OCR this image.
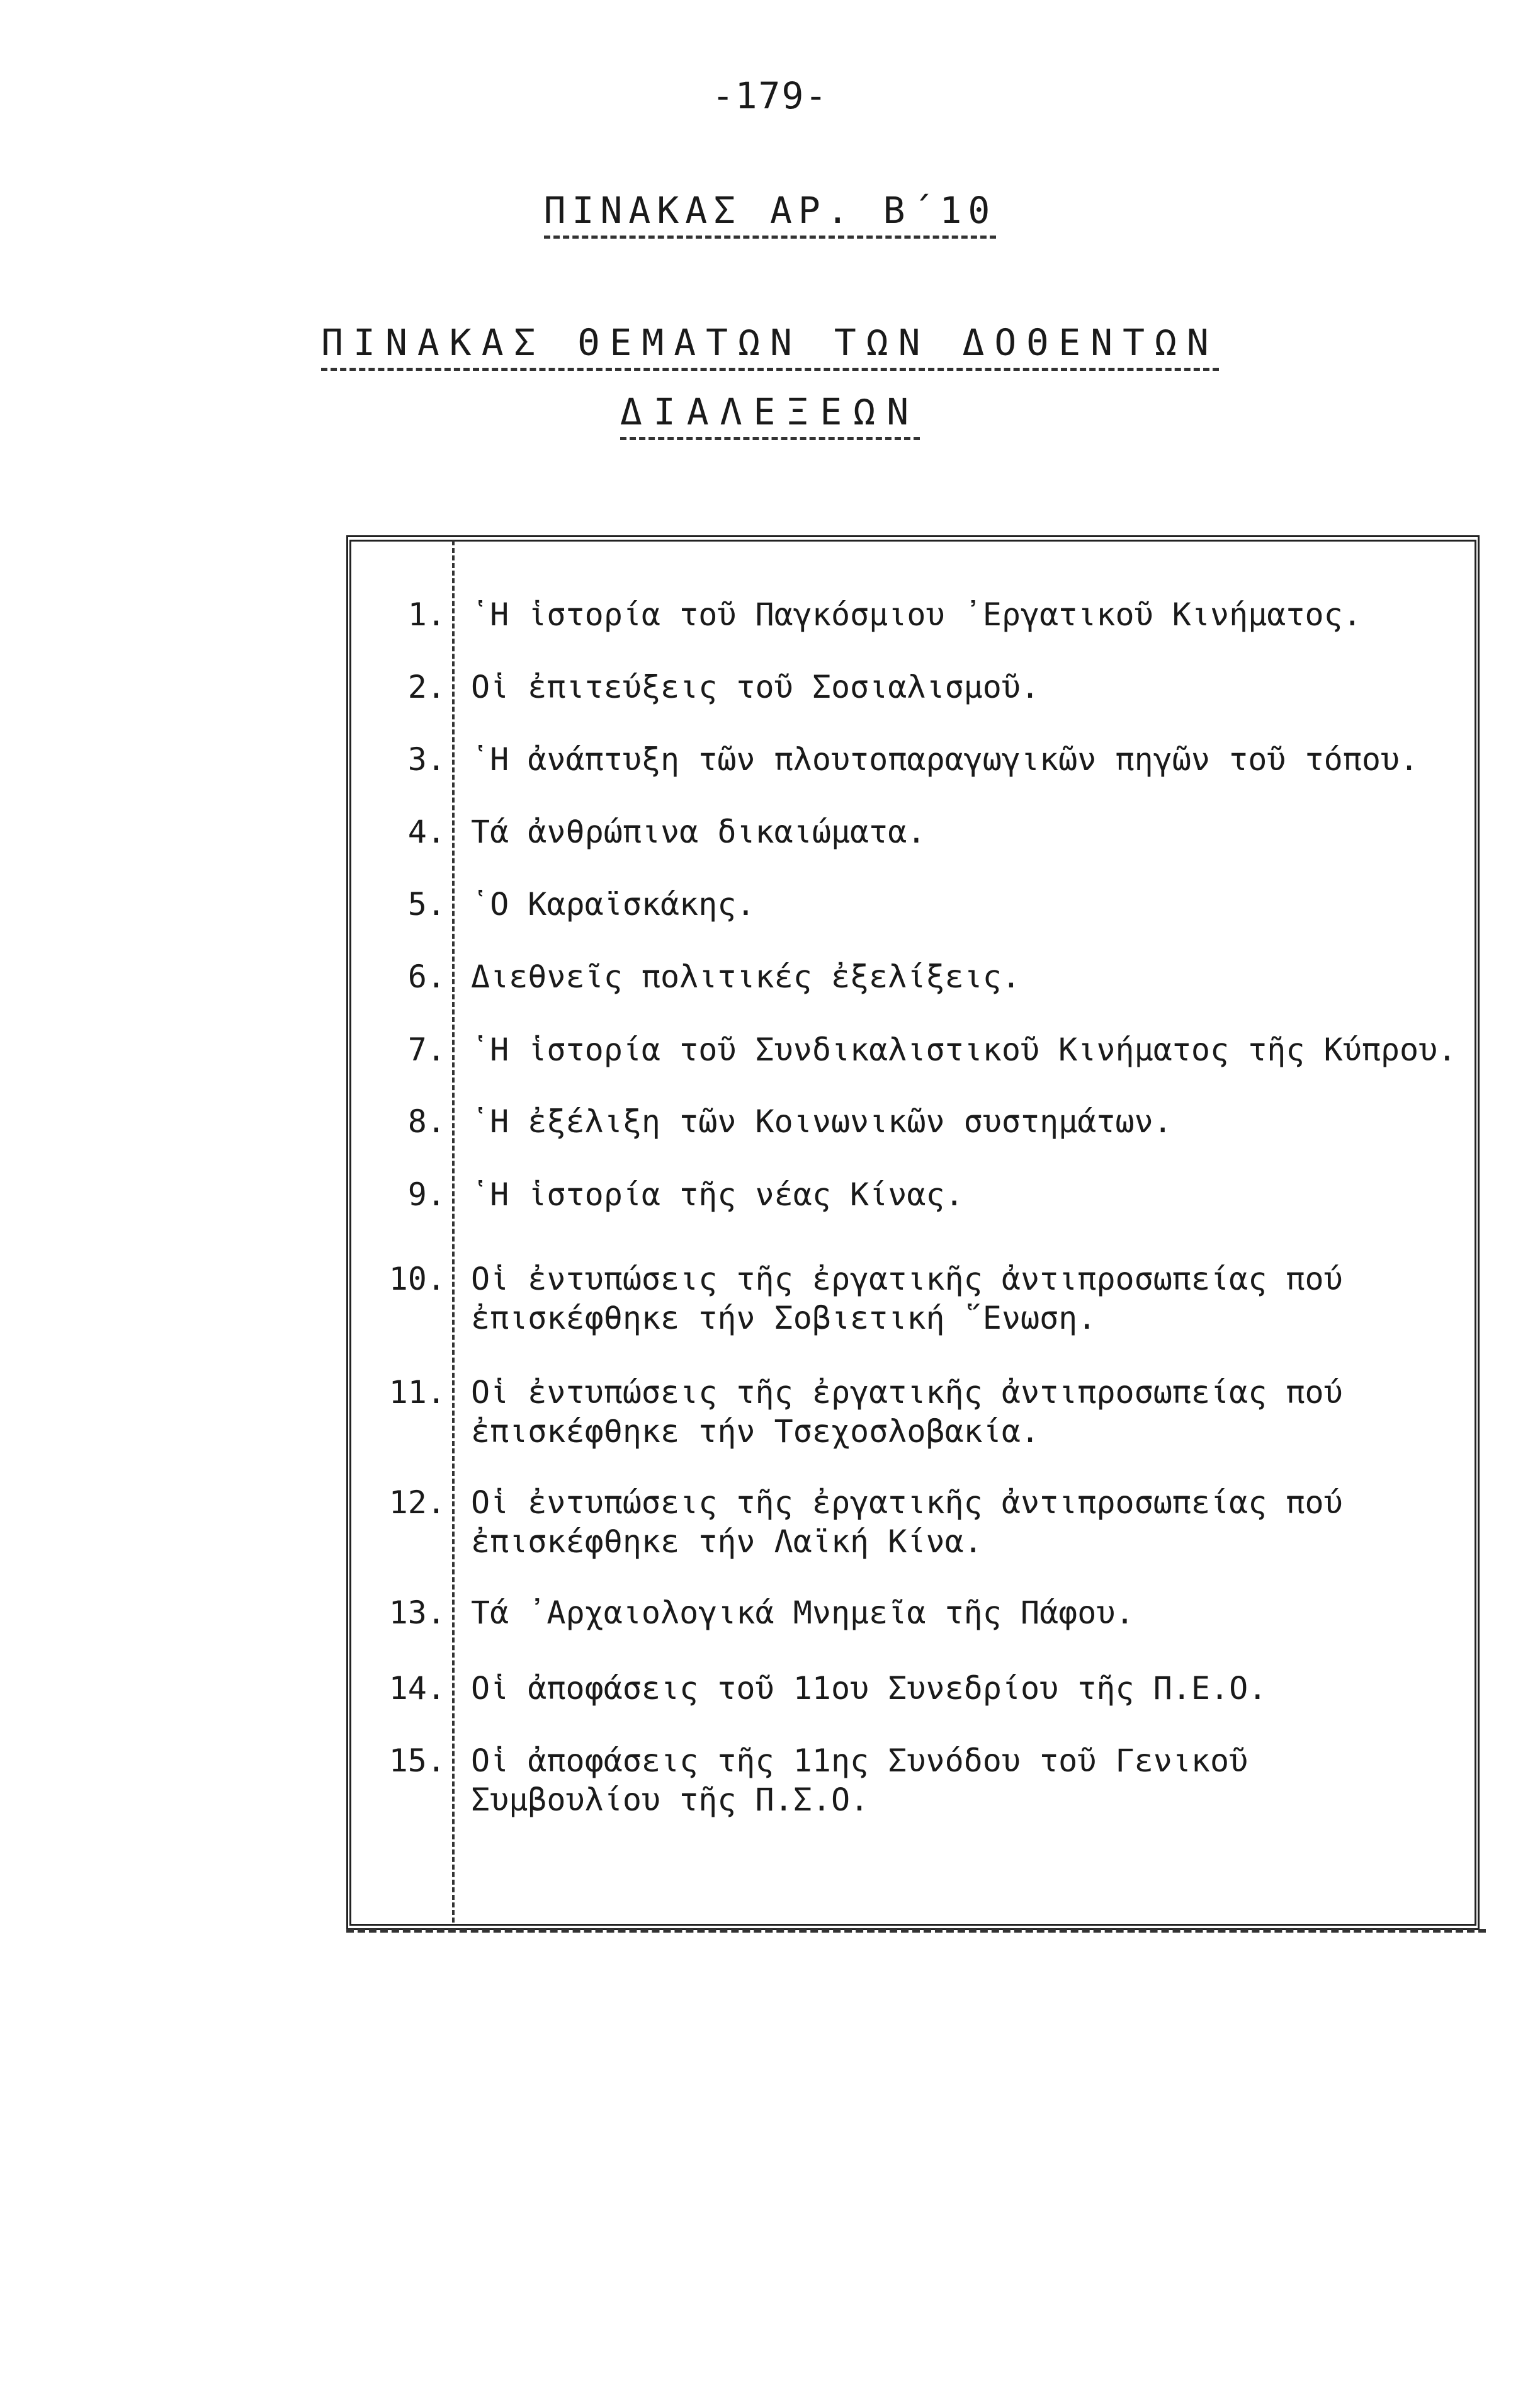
-179-
ΠΙΝΑΚΑΣ ΑΡ. Β΄10
ΠΙΝΑΚΑΣ ΘΕΜΑΤΩΝ ΤΩΝ ΔΟΘΕΝΤΩΝ
ΔΙΑΛΕΞΕΩΝ
1. ῾Η ἱστορία τοῦ Παγκόσμιου ᾿Εργατικοῦ Κινήματος.
2. Οἱ ἐπιτεύξεις τοῦ Σοσιαλισμοῦ.
3. ῾Η ἀνάπτυξη τῶν πλουτοπαραγωγικῶν πηγῶν τοῦ τόπου.
4. Τά ἀνθρώπινα δικαιώματα.
5. ῾Ο Καραϊσκάκης.
6. Διεθνεῖς πολιτικές ἐξελίξεις.
7. ῾Η ἱστορία τοῦ Συνδικαλιστικοῦ Κινήματος τῆς Κύπρου.
8. ῾Η ἐξέλιξη τῶν Κοινωνικῶν συστημάτων.
9. ῾Η ἱστορία τῆς νέας Κίνας.
10. Οἱ ἐντυπώσεις τῆς ἐργατικῆς ἀντιπροσωπείας πού
ἐπισκέφθηκε τήν Σοβιετική ῞Ενωση.
11. Οἱ ἐντυπώσεις τῆς ἐργατικῆς ἀντιπροσωπείας πού
ἐπισκέφθηκε τήν Τσεχοσλοβακία.
12. Οἱ ἐντυπώσεις τῆς ἐργατικῆς ἀντιπροσωπείας πού
ἐπισκέφθηκε τήν Λαϊκή Κίνα.
13. Τά ᾿Αρχαιολογικά Μνημεῖα τῆς Πάφου.
14. Οἱ ἀποφάσεις τοῦ 11ου Συνεδρίου τῆς Π.Ε.Ο.
15. Οἱ ἀποφάσεις τῆς 11ης Συνόδου τοῦ Γενικοῦ
Συμβουλίου τῆς Π.Σ.Ο.
